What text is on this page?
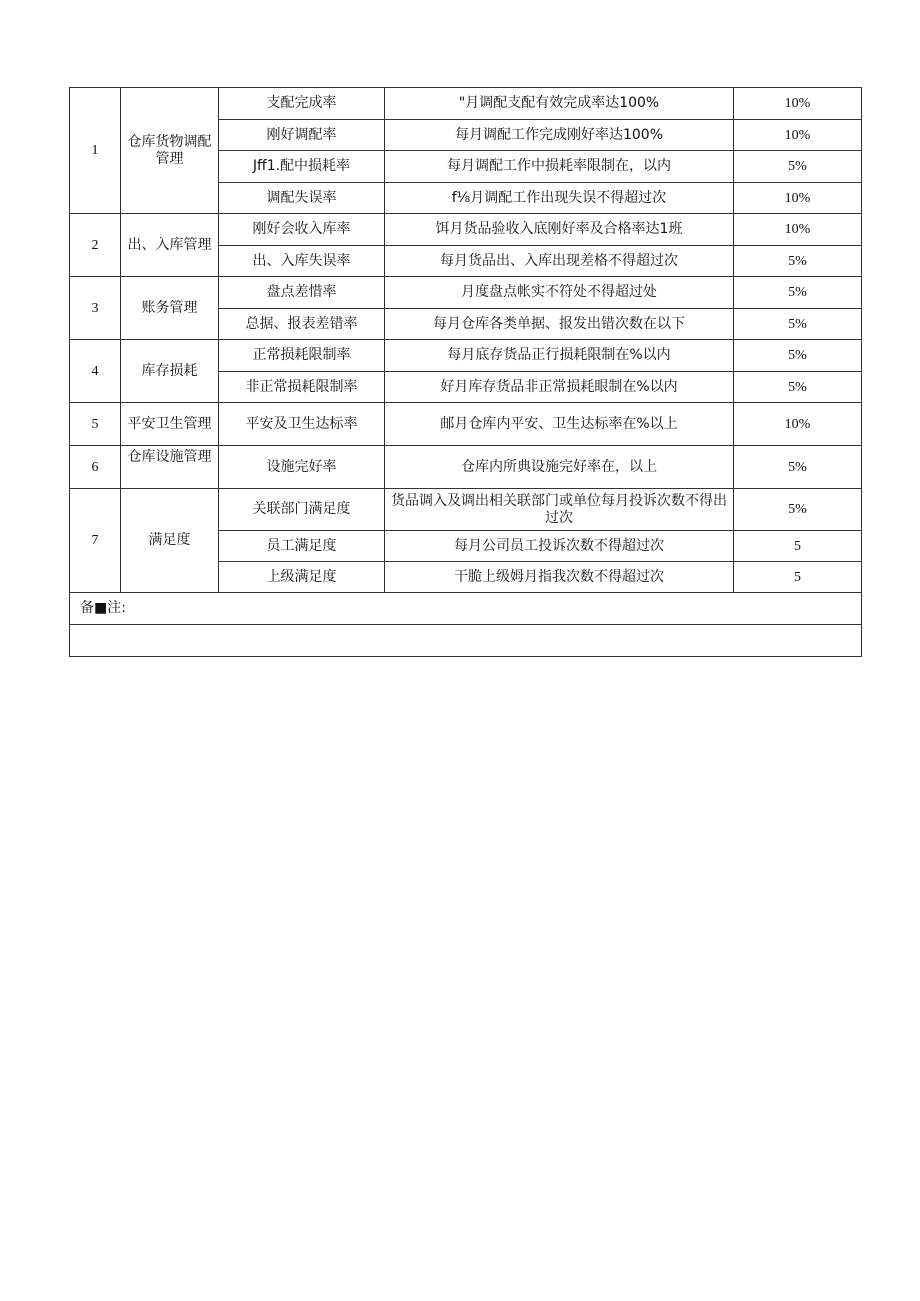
1	仓库货物调配管理	支配完成率	"月调配支配有效完成率达100%	10%
		刚好调配率	每月调配工作完成刚好率达100%	10%
		Jff1.配中损耗率	每月调配工作中损耗率限制在，以内	5%
		调配失误率	f⅛月调配工作出现失误不得超过次	10%
2	出、入库管理	刚好会收入库率	饵月货品验收入底刚好率及合格率达1班	10%
		出、入库失误率	每月货品出、入库出现差格不得超过次	5%
3	账务管理	盘点差惜率	月度盘点帐实不符处不得超过处	5%
		总据、报表差错率	每月仓库各类单据、报发出错次数在以下	5%
4	库存损耗	正常损耗限制率	每月底存货品正行损耗限制在%以内	5%
		非正常损耗限制率	好月库存货品非正常损耗眼制在%以内	5%
5	平安卫生管理	平安及卫生达标率	邮月仓库内平安、卫生达标率在%以上	10%
6	仓库设施管理	设施完好率	仓库内所典设施完好率在，以上	5%
7	满足度	关联部门满足度	货品调入及调出相关联部门或单位每月投诉次数不得出过次	5%
		员工满足度	每月公司员工投诉次数不得超过次	5
		上级满足度	干脆上级姆月指我次数不得超过次	5
备■注:				
